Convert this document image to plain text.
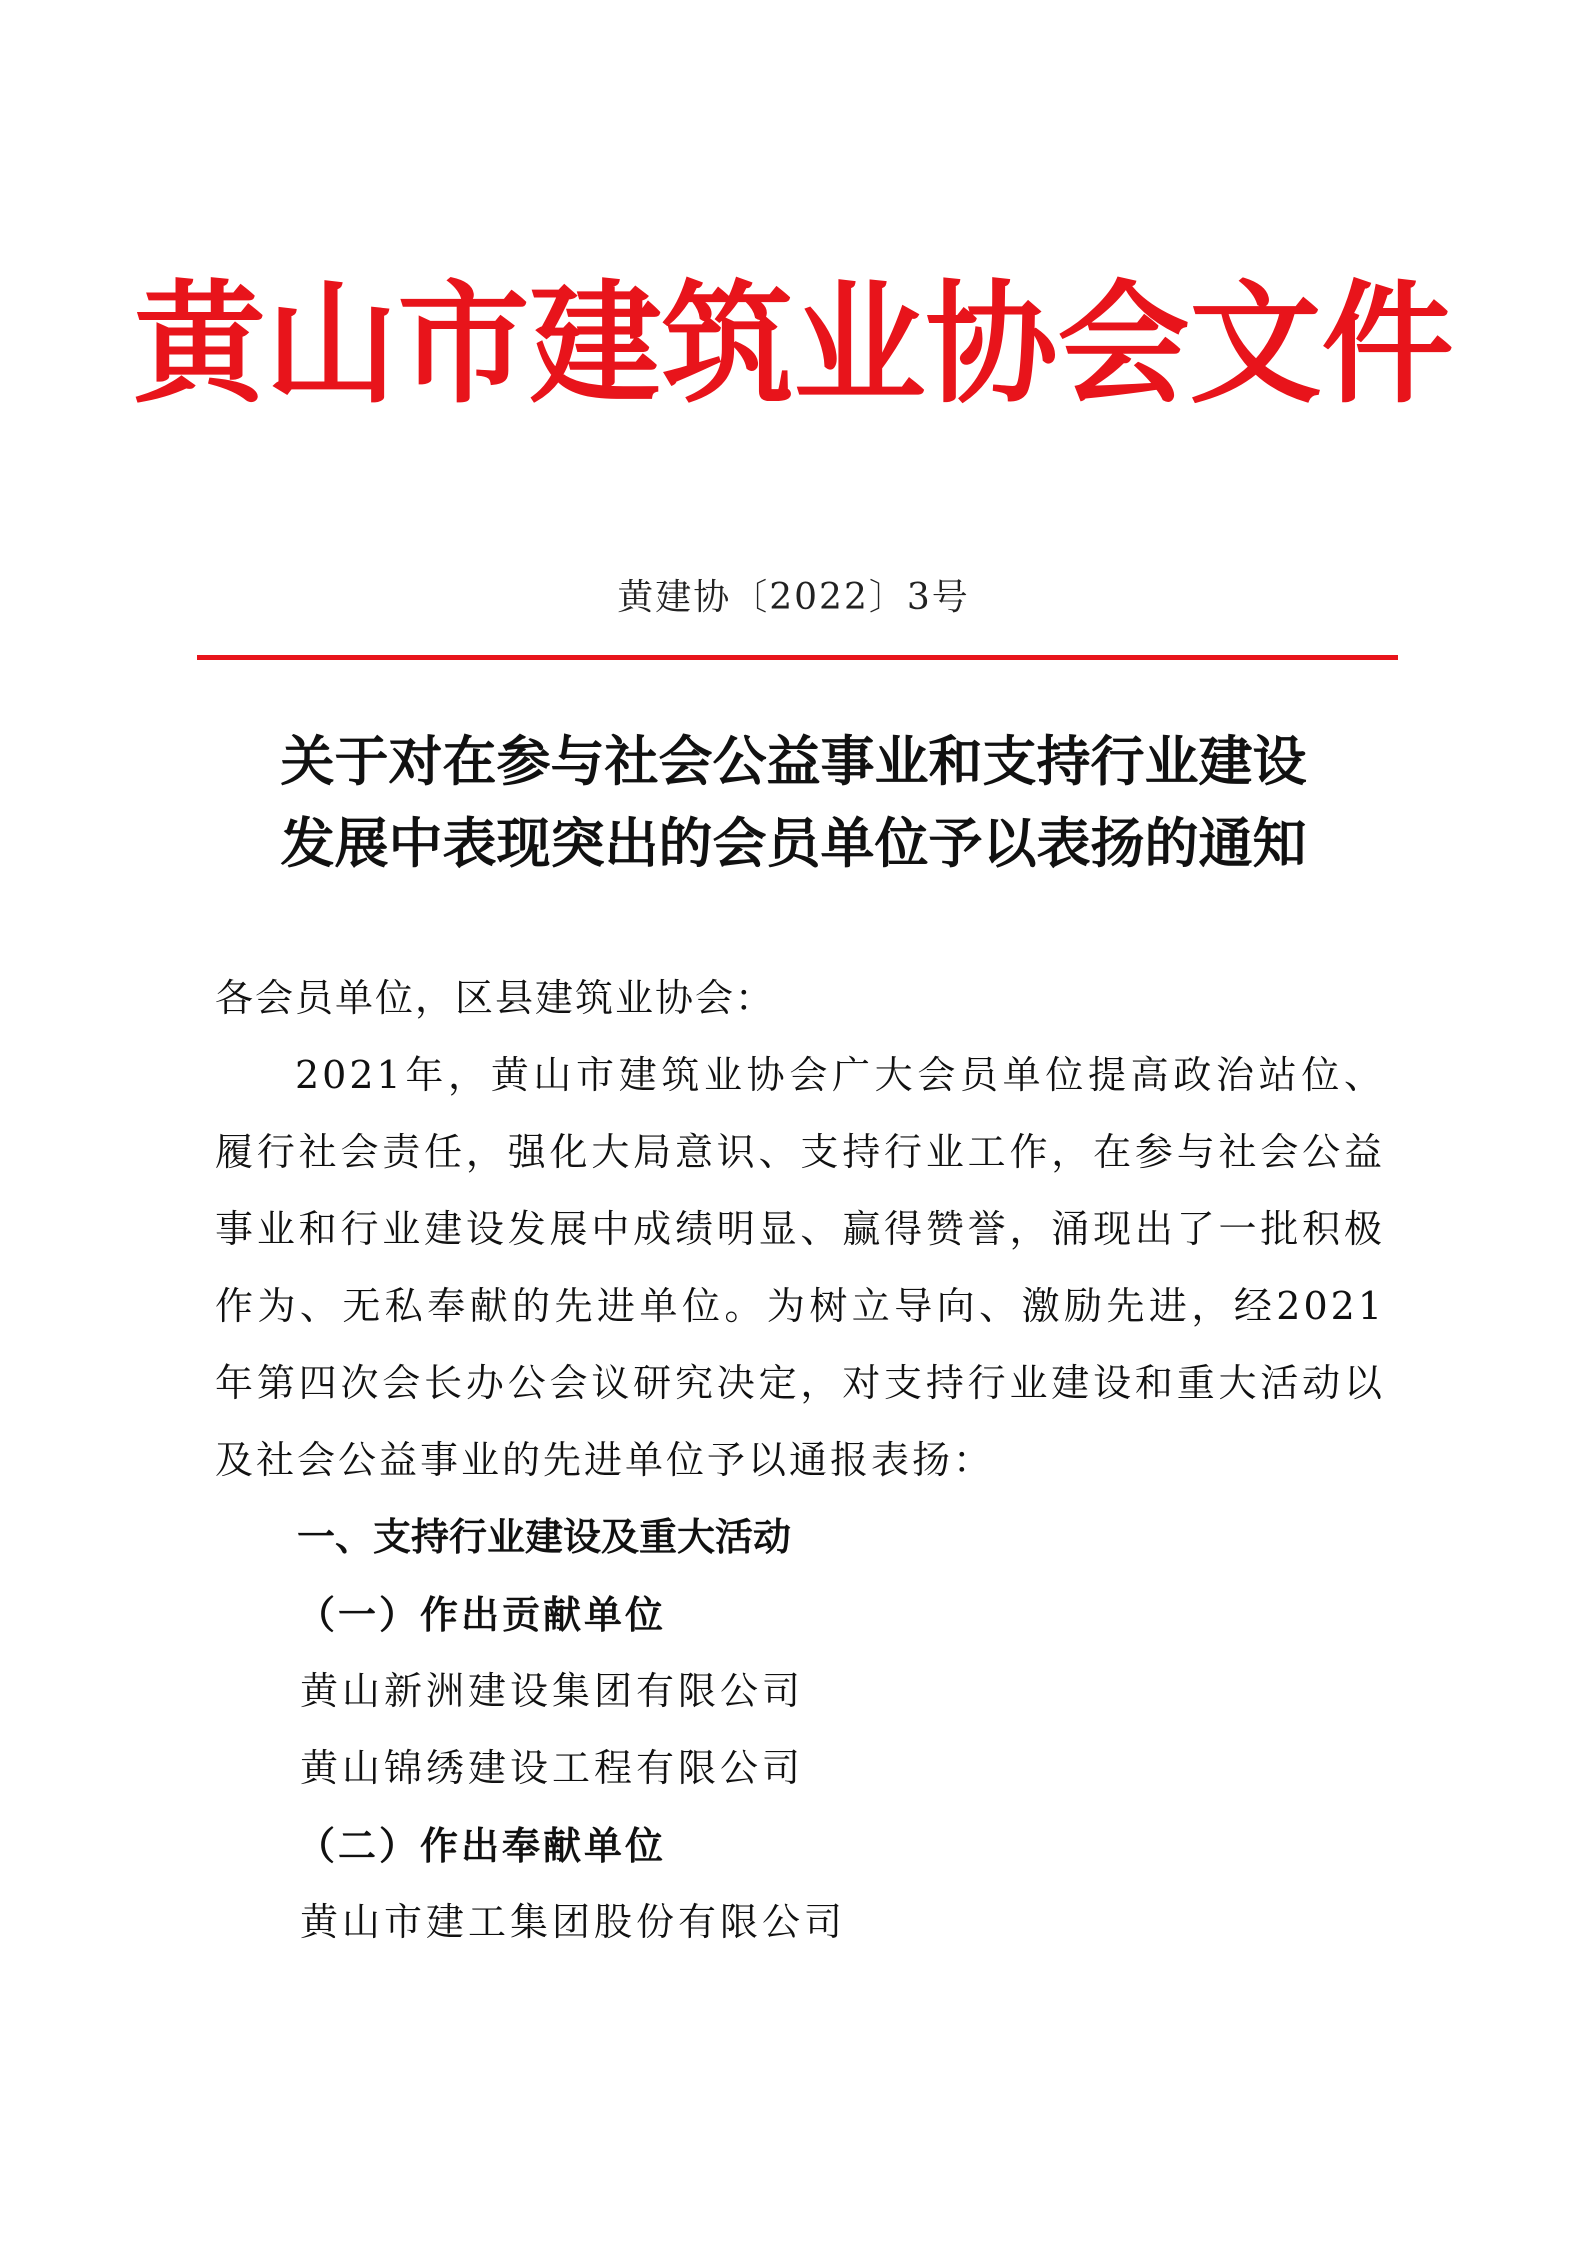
黄山市建筑业协会文件
黄建协〔2022〕3号
关于对在参与社会公益事业和支持行业建设
发展中表现突出的会员单位予以表扬的通知
各会员单位，区县建筑业协会：
2021年，黄山市建筑业协会广大会员单位提高政治站位、履行社会责任，强化大局意识、支持行业工作，在参与社会公益事业和行业建设发展中成绩明显、赢得赞誉，涌现出了一批积极作为、无私奉献的先进单位。为树立导向、激励先进，经2021年第四次会长办公会议研究决定，对支持行业建设和重大活动以及社会公益事业的先进单位予以通报表扬：
一、支持行业建设及重大活动
（一）作出贡献单位
黄山新洲建设集团有限公司
黄山锦绣建设工程有限公司
（二）作出奉献单位
黄山市建工集团股份有限公司
